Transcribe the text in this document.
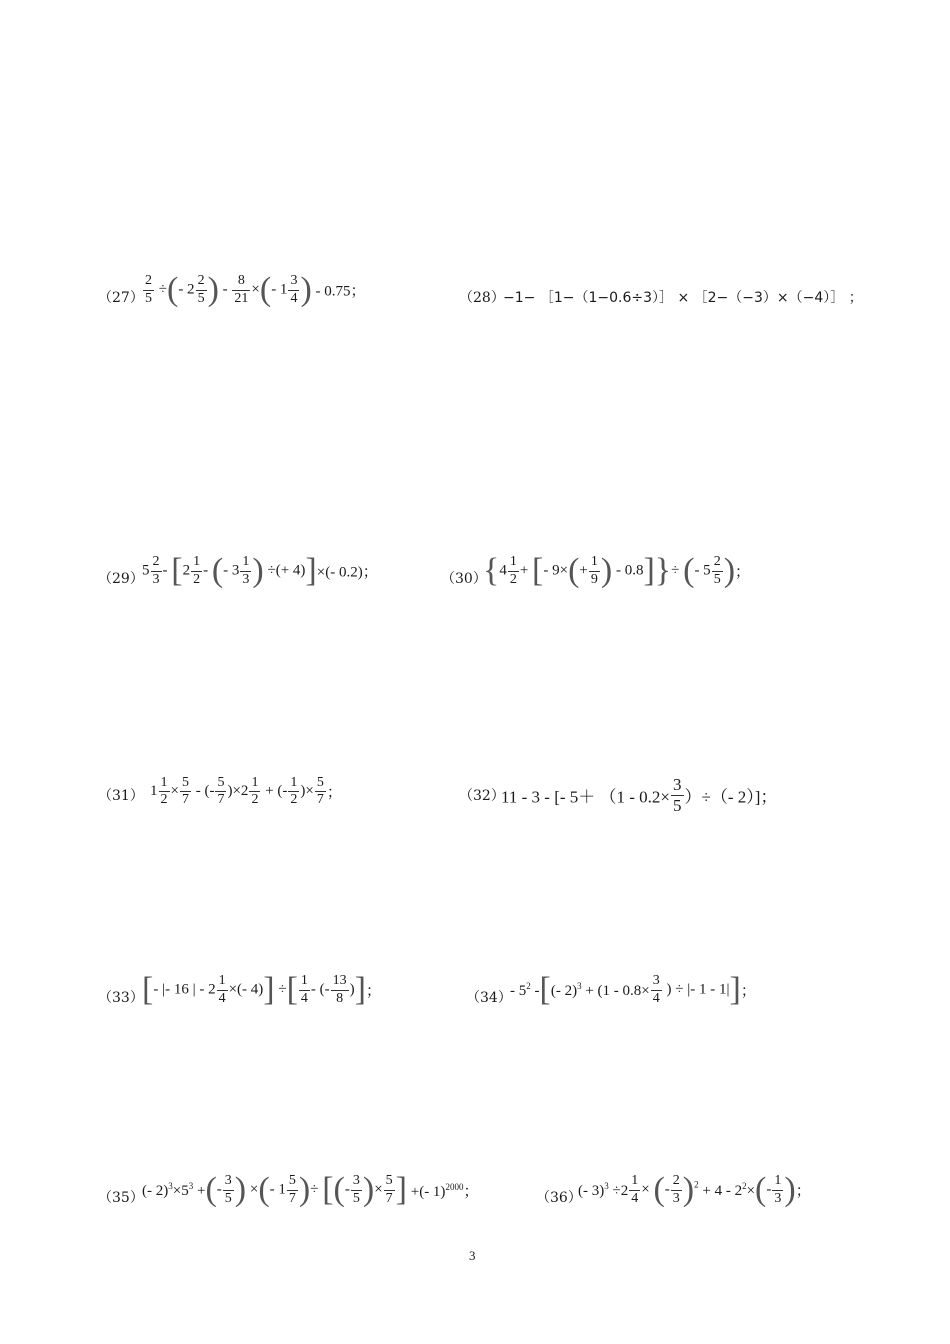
$(27) \frac{2}{5}$ ÷(- $2 \frac{2}{5}$ ) - $\frac{8}{21}$ ×(- $1 \frac{3}{4}$ ) - 0.75；	（28）
−1− ［1−（1−0.6÷3）］ × ［2−（−3）×（−4）］ ；
（29）
$5 \frac{2}{3} - [2 \frac{1}{2}$ - (- $3 \frac{1}{3}$ ) ÷(+ 4)]×(- 0.2)；	（30）
{$4 \frac{1}{2}$ + [- $9\times(+ \frac{1}{9}$ ) - 0.8]}÷ (- $5 \frac{2}{5}$ )；
（31） $1 \frac{1}{2} \times \frac{5}{7}$ - (- $\frac{5}{7} )\times 2 \frac{1}{2}$ + (- $\frac{1}{2}$ )× $\frac{5}{7}$ ；	（32）
11 - 3 - [- $5+ (1 - 0.2\times \frac{3}{5}$ ）÷（- 2）]；
（33）
[- |- 16 | - $2 \frac{1}{4}$ ×(- 4)] ÷[ $\frac{1}{4}$ - (- $\frac{13}{8}$ )]；	（34）
- $5^2$ -[(- $2)^3 + (1 - 0.8\times \frac{3}{4}$ ) ÷ |- 1 - 1|]；
（35）
(- $2)^3\times 5^3$ +(- $\frac{3}{5}$ ) ×(- $1 \frac{5}{7}$ )÷ [(- $\frac{3}{5}$ )× $\frac{5}{7}$ ] +(- 1)$^{2000}$；	（36）
(- $3)^3 \div 2 \frac{1}{4}$ × (- $\frac{2}{3} )^2 + 4 - 2^2\times(- \frac{1}{3}$ )；
3
